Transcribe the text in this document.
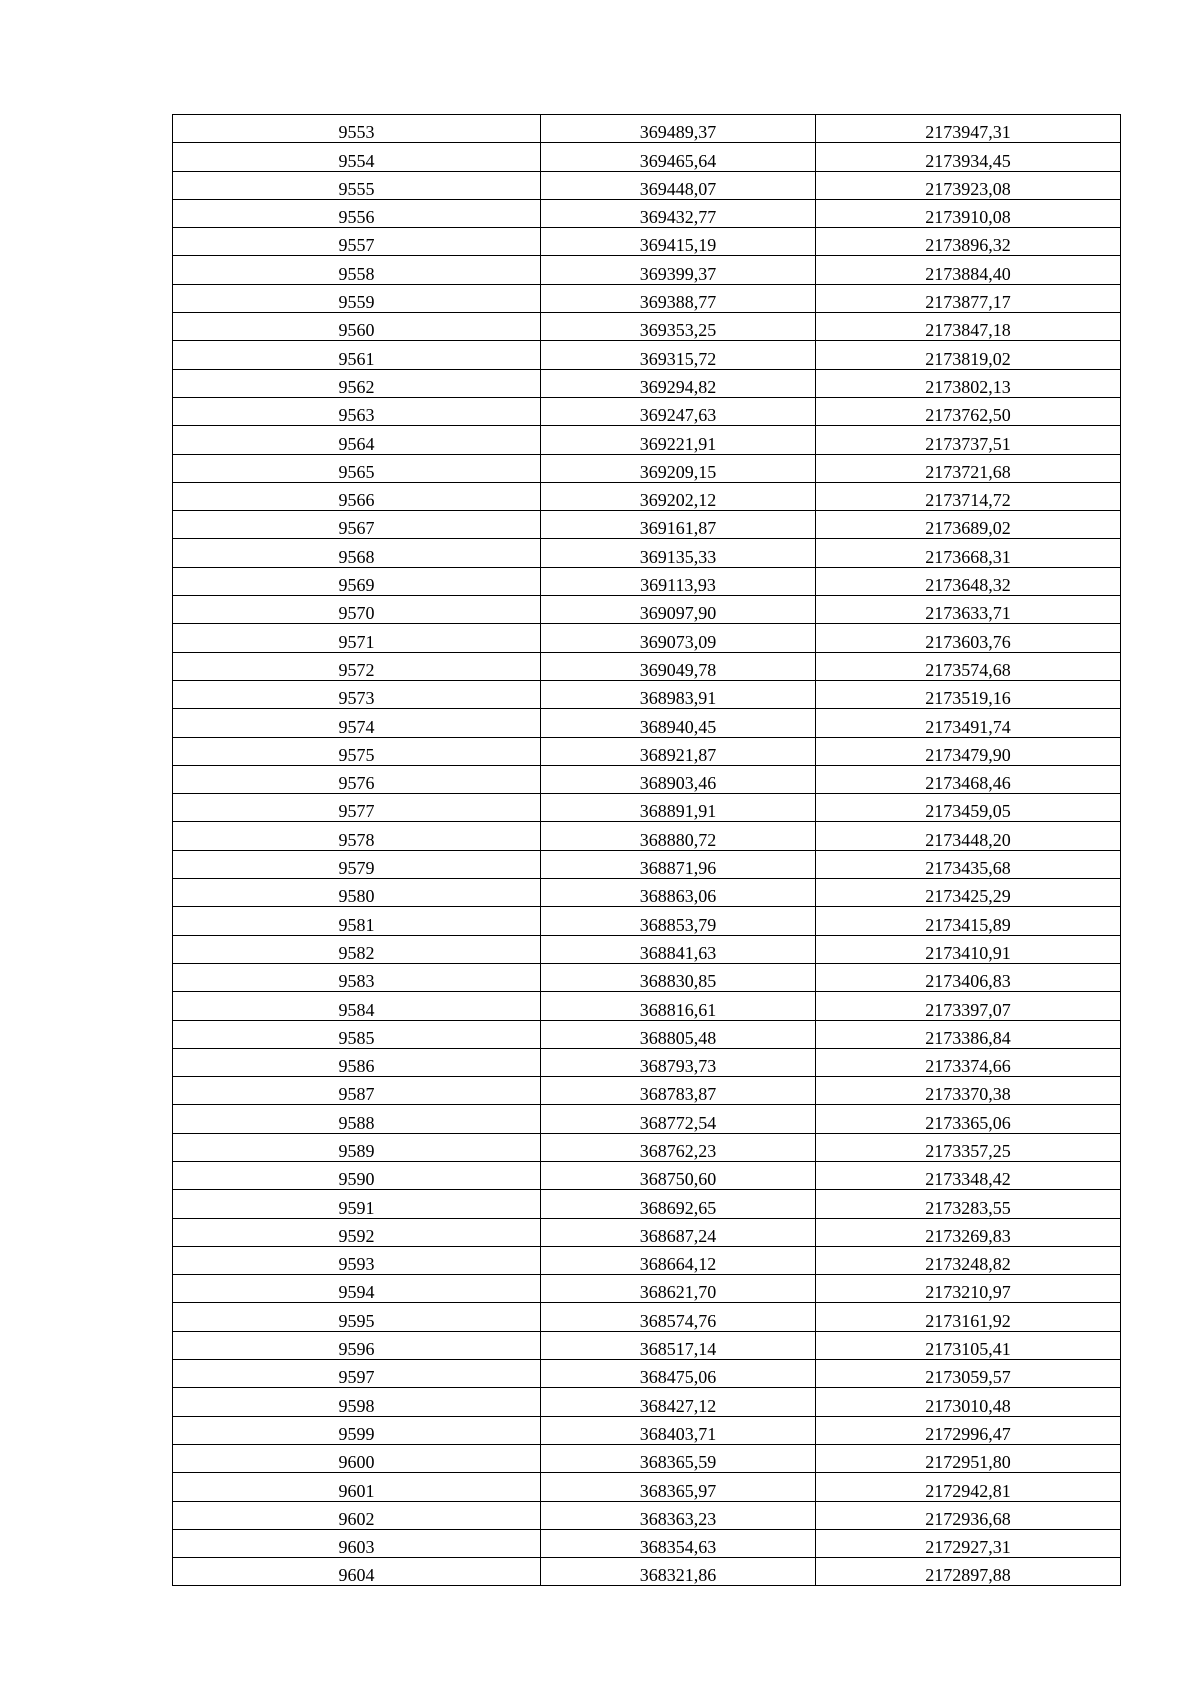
9553	369489,37	2173947,31
9554	369465,64	2173934,45
9555	369448,07	2173923,08
9556	369432,77	2173910,08
9557	369415,19	2173896,32
9558	369399,37	2173884,40
9559	369388,77	2173877,17
9560	369353,25	2173847,18
9561	369315,72	2173819,02
9562	369294,82	2173802,13
9563	369247,63	2173762,50
9564	369221,91	2173737,51
9565	369209,15	2173721,68
9566	369202,12	2173714,72
9567	369161,87	2173689,02
9568	369135,33	2173668,31
9569	369113,93	2173648,32
9570	369097,90	2173633,71
9571	369073,09	2173603,76
9572	369049,78	2173574,68
9573	368983,91	2173519,16
9574	368940,45	2173491,74
9575	368921,87	2173479,90
9576	368903,46	2173468,46
9577	368891,91	2173459,05
9578	368880,72	2173448,20
9579	368871,96	2173435,68
9580	368863,06	2173425,29
9581	368853,79	2173415,89
9582	368841,63	2173410,91
9583	368830,85	2173406,83
9584	368816,61	2173397,07
9585	368805,48	2173386,84
9586	368793,73	2173374,66
9587	368783,87	2173370,38
9588	368772,54	2173365,06
9589	368762,23	2173357,25
9590	368750,60	2173348,42
9591	368692,65	2173283,55
9592	368687,24	2173269,83
9593	368664,12	2173248,82
9594	368621,70	2173210,97
9595	368574,76	2173161,92
9596	368517,14	2173105,41
9597	368475,06	2173059,57
9598	368427,12	2173010,48
9599	368403,71	2172996,47
9600	368365,59	2172951,80
9601	368365,97	2172942,81
9602	368363,23	2172936,68
9603	368354,63	2172927,31
9604	368321,86	2172897,88
